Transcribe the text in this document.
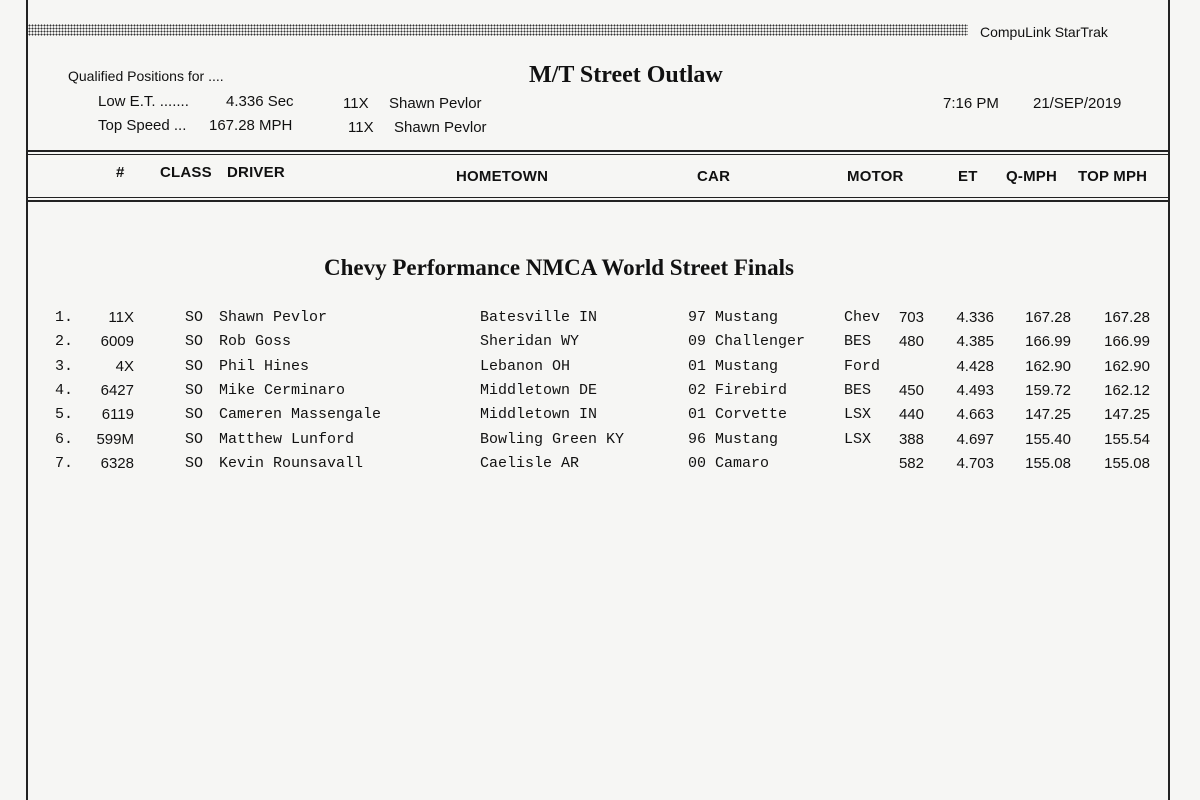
CompuLink StarTrak
M/T Street Outlaw
Qualified Positions for ....
Low E.T. ....... 4.336 Sec	11X Shawn Pevlor
Top Speed ... 167.28 MPH	11X Shawn Pevlor
7:16 PM 21/SEP/2019
# CLASS DRIVER	HOMETOWN	CAR	MOTOR	ET Q-MPH TOP MPH
Chevy Performance NMCA World Street Finals
1. 11X	SO Shawn Pevlor	Batesville IN	97 Mustang	Chev 703 4.336 167.28 167.28
2. 6009	SO Rob Goss	Sheridan WY	09 Challenger	BES 480 4.385 166.99 166.99
3.	4X	SO Phil Hines	Lebanon OH	01 Mustang	Ford	4.428 162.90 162.90
4. 6427	SO Mike Cerminaro	Middletown DE	02 Firebird	BES 450 4.493 159.72 162.12
5. 6119	SO Cameren Massengale	Middletown IN	01 Corvette	LSX 440 4.663 147.25 147.25
6. 599M	SO Matthew Lunford	Bowling Green KY	96 Mustang	LSX 388 4.697 155.40 155.54
7. 6328	SO Kevin Rounsavall	Caelisle AR	00 Camaro	582 4.703 155.08 155.08
